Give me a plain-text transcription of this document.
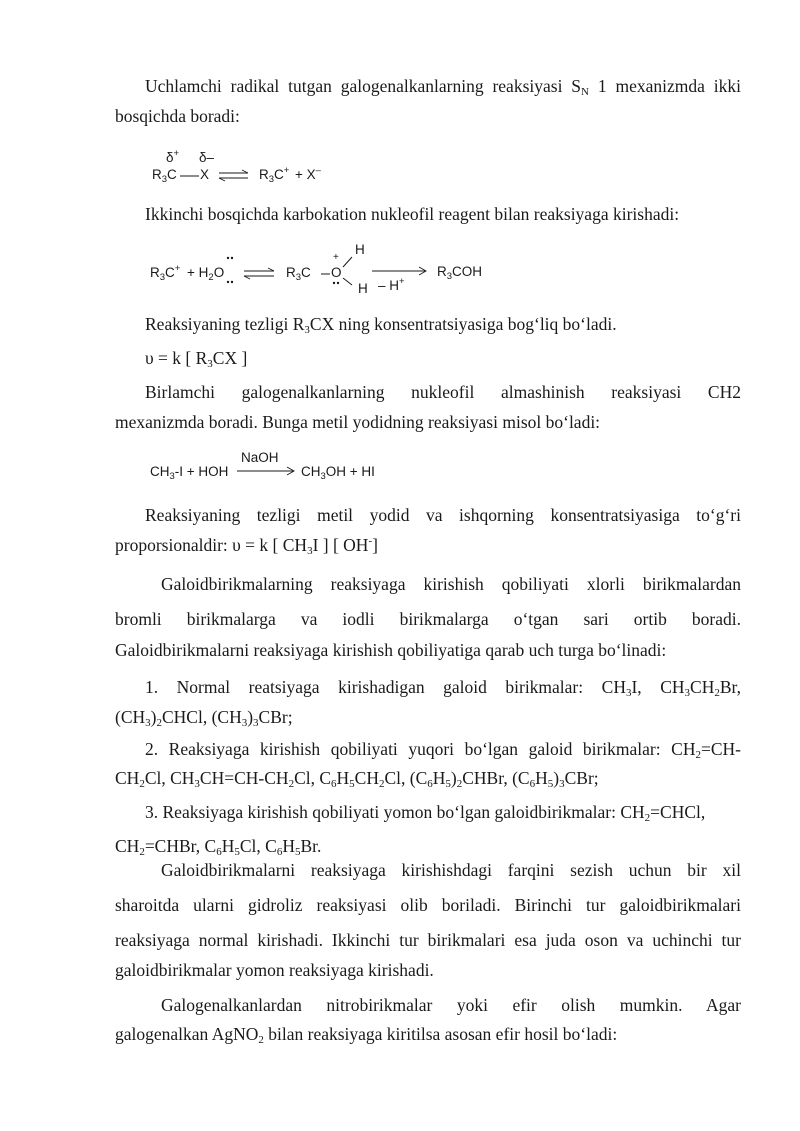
Uchlamchi radikal tutgan galogenalkanlarning reaksiyasi $S_N$ 1 mexanizmda ikki
bosqichda boradi:
δ+ δ–
$R_3C$ X	$R_3C^+ + X^-$
Ikkinchi bosqichda karbokation nukleofil reagent bilan reaksiyaga kirishadi:
$R_3C^+ + H_2O$	$R_3C$ O
+
H
H – H+
$R_3COH$
Reaksiyaning tezligi $R_3CX$ ning konsentratsiyasiga bog‘liq bo‘ladi.
υ = k [ $R_3CX$ ]
Birlamchi galogenalkanlarning nukleofil almashinish reaksiyasi CH2
mexanizmda boradi. Bunga metil yodidning reaksiyasi misol bo‘ladi:
$CH_3-I$ + HOH
NaOH
$CH_3OH$ + HI
Reaksiyaning tezligi metil yodid va ishqorning konsentratsiyasiga to‘g‘ri
proporsionaldir: υ = k [ $CH_3I$ ] [ OH-]
Galoidbirikmalarning reaksiyaga kirishish qobiliyati xlorli birikmalardan
bromli birikmalarga va iodli birikmalarga o‘tgan sari ortib boradi.
Galoidbirikmalarni reaksiyaga kirishish qobiliyatiga qarab uch turga bo‘linadi:
1. Normal reatsiyaga kirishadigan galoid birikmalar: $CH_3I$, $CH_3CH_2Br$,
$(CH_3)_2CHCl$, $(CH_3)_3CBr$;
2. Reaksiyaga kirishish qobiliyati yuqori bo‘lgan galoid birikmalar: $CH_2=CH-$
$CH_2Cl$, $CH_3CH=CH-CH_2Cl$, $C_6H_5CH_2Cl$, $(C_6H_5)_2CHBr$, $(C_6H_5)_3CBr$;
3. Reaksiyaga kirishish qobiliyati yomon bo‘lgan galoidbirikmalar: $CH_2=CHCl$,
$CH_2=CHBr$, $C_6H_5Cl$, $C_6H_5Br$.
Galoidbirikmalarni reaksiyaga kirishishdagi farqini sezish uchun bir xil
sharoitda ularni gidroliz reaksiyasi olib boriladi. Birinchi tur galoidbirikmalari
reaksiyaga normal kirishadi. Ikkinchi tur birikmalari esa juda oson va uchinchi tur
galoidbirikmalar yomon reaksiyaga kirishadi.
Galogenalkanlardan nitrobirikmalar yoki efir olish mumkin. Agar
galogenalkan AgNO$_2$ bilan reaksiyaga kiritilsa asosan efir hosil bo‘ladi:
